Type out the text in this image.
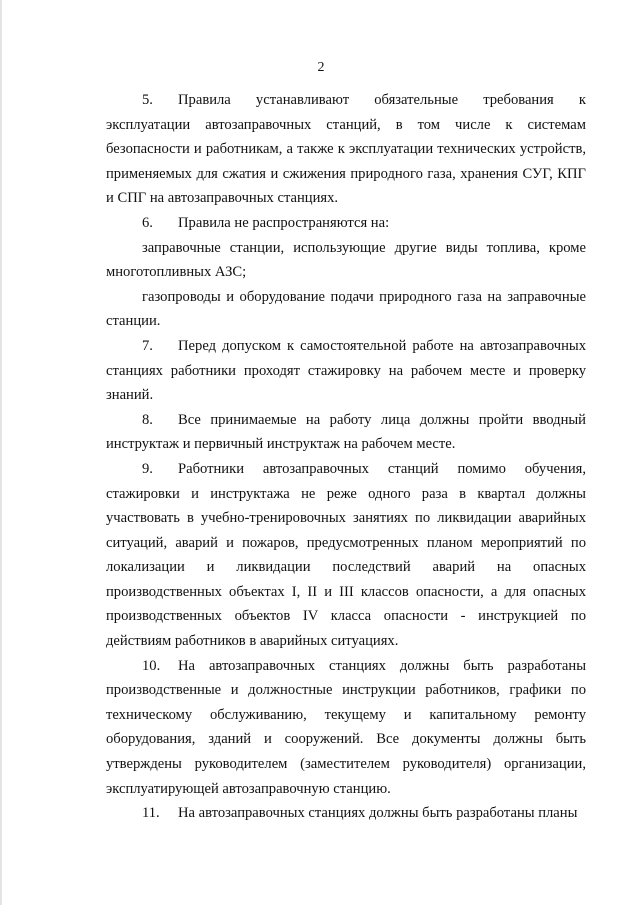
2

5. Правила устанавливают обязательные требования к эксплуатации автозаправочных станций, в том числе к системам безопасности и работникам, а также к эксплуатации технических устройств, применяемых для сжатия и сжижения природного газа, хранения СУГ, КПГ и СПГ на автозаправочных станциях.

6. Правила не распространяются на:

заправочные станции, использующие другие виды топлива, кроме многотопливных АЗС;

газопроводы и оборудование подачи природного газа на заправочные станции.

7. Перед допуском к самостоятельной работе на автозаправочных станциях работники проходят стажировку на рабочем месте и проверку знаний.

8. Все принимаемые на работу лица должны пройти вводный инструктаж и первичный инструктаж на рабочем месте.

9. Работники автозаправочных станций помимо обучения, стажировки и инструктажа не реже одного раза в квартал должны участвовать в учебно-тренировочных занятиях по ликвидации аварийных ситуаций, аварий и пожаров, предусмотренных планом мероприятий по локализации и ликвидации последствий аварий на опасных производственных объектах I, II и III классов опасности, а для опасных производственных объектов IV класса опасности - инструкцией по действиям работников в аварийных ситуациях.

10. На автозаправочных станциях должны быть разработаны производственные и должностные инструкции работников, графики по техническому обслуживанию, текущему и капитальному ремонту оборудования, зданий и сооружений. Все документы должны быть утверждены руководителем (заместителем руководителя) организации, эксплуатирующей автозаправочную станцию.

11. На автозаправочных станциях должны быть разработаны планы
